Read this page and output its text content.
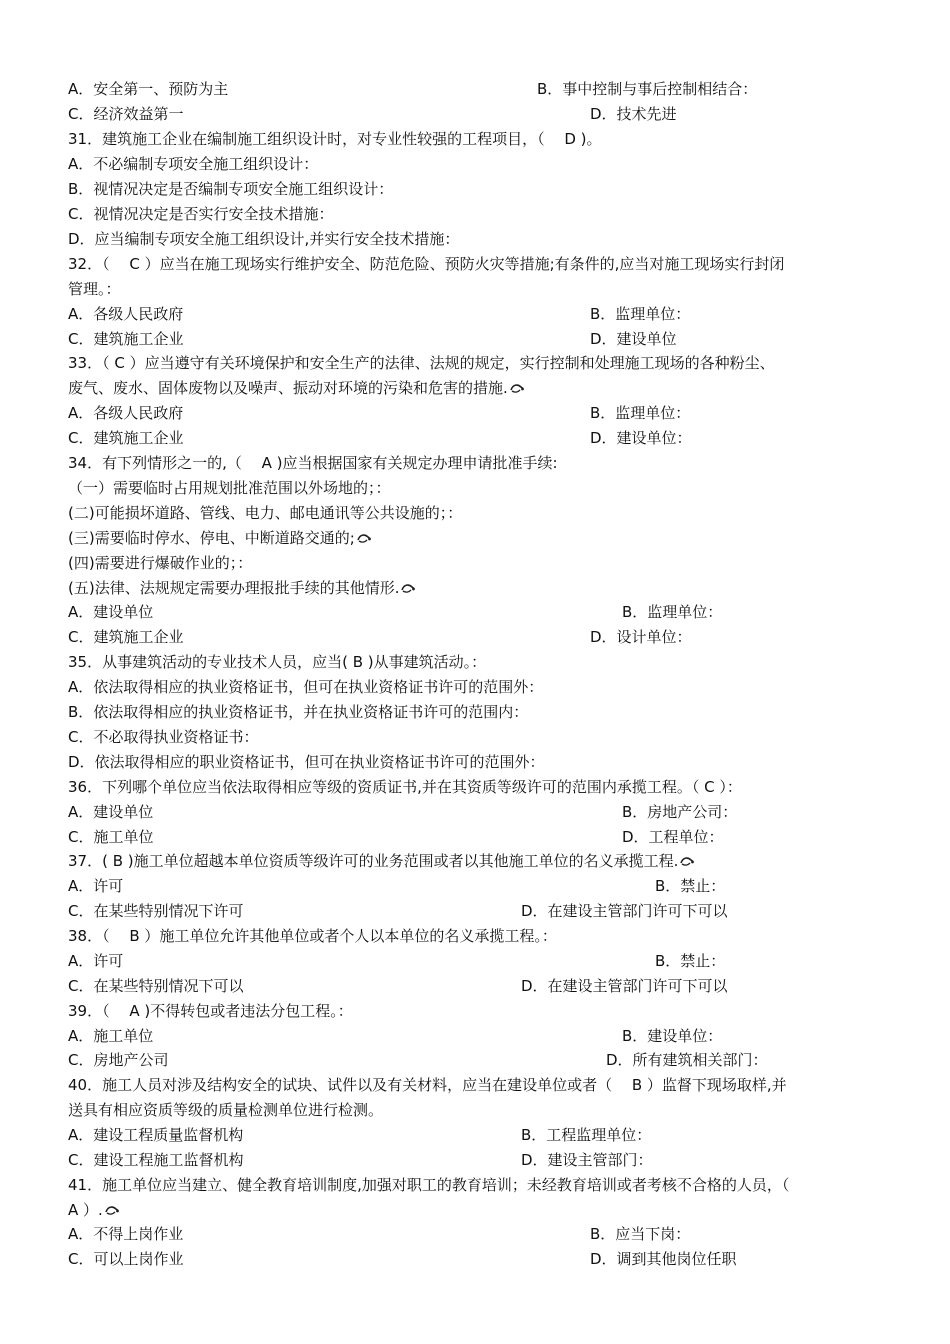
A．安全第一、预防为主	B．事中控制与事后控制相结合：
C．经济效益第一	D．技术先进
31．建筑施工企业在编制施工组织设计时，对专业性较强的工程项目，（　 D )。
A．不必编制专项安全施工组织设计：
B．视情况决定是否编制专项安全施工组织设计：
C．视情况决定是否实行安全技术措施：
D．应当编制专项安全施工组织设计,并实行安全技术措施：
32．（　 C ）应当在施工现场实行维护安全、防范危险、预防火灾等措施;有条件的,应当对施工现场实行封闭
管理。：
A．各级人民政府	B．监理单位：
C．建筑施工企业	D．建设单位
33．（ C ）应当遵守有关环境保护和安全生产的法律、法规的规定，实行控制和处理施工现场的各种粉尘、
废气、废水、固体废物以及噪声、振动对环境的污染和危害的措施.
A．各级人民政府	B．监理单位：
C．建筑施工企业	D．建设单位：
34．有下列情形之一的,（　 A )应当根据国家有关规定办理申请批准手续:
（一）需要临时占用规划批准范围以外场地的；：
(二)可能损坏道路、管线、电力、邮电通讯等公共设施的；：
(三)需要临时停水、停电、中断道路交通的;
(四)需要进行爆破作业的；：
(五)法律、法规规定需要办理报批手续的其他情形.
A．建设单位	B．监理单位：
C．建筑施工企业	D．设计单位：
35．从事建筑活动的专业技术人员，应当( B )从事建筑活动。：
A．依法取得相应的执业资格证书，但可在执业资格证书许可的范围外：
B．依法取得相应的执业资格证书，并在执业资格证书许可的范围内：
C．不必取得执业资格证书：
D．依法取得相应的职业资格证书，但可在执业资格证书许可的范围外：
36．下列哪个单位应当依法取得相应等级的资质证书,并在其资质等级许可的范围内承揽工程。（ C ）：
A．建设单位	B．房地产公司：
C．施工单位	D．工程单位：
37．( B )施工单位超越本单位资质等级许可的业务范围或者以其他施工单位的名义承揽工程.
A．许可	B．禁止：
C．在某些特别情况下许可	D．在建设主管部门许可下可以
38．（　 B ）施工单位允许其他单位或者个人以本单位的名义承揽工程。：
A．许可	B．禁止：
C．在某些特别情况下可以	D．在建设主管部门许可下可以
39．（　 A )不得转包或者违法分包工程。：
A．施工单位	B．建设单位：
C．房地产公司	D．所有建筑相关部门：
40．施工人员对涉及结构安全的试块、试件以及有关材料，应当在建设单位或者（　 B ）监督下现场取样,并
送具有相应资质等级的质量检测单位进行检测。
A．建设工程质量监督机构	B．工程监理单位：
C．建设工程施工监督机构	D．建设主管部门：
41．施工单位应当建立、健全教育培训制度,加强对职工的教育培训；未经教育培训或者考核不合格的人员，（
A ）.
A．不得上岗作业	B．应当下岗：
C．可以上岗作业	D．调到其他岗位任职
